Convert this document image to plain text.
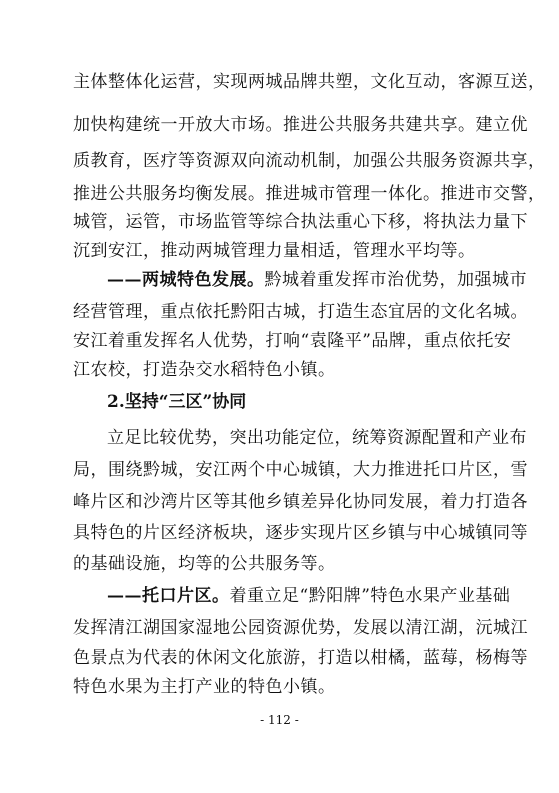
主体整体化运营，实现两城品牌共塑，文化互动，客源互送，
加快构建统一开放大市场。推进公共服务共建共享。建立优
质教育，医疗等资源双向流动机制，加强公共服务资源共享，
推进公共服务均衡发展。推进城市管理一体化。推进市交警，
城管，运管，市场监管等综合执法重心下移，将执法力量下
沉到安江，推动两城管理力量相适，管理水平均等。
——两城特色发展。 黔城着重发挥市治优势，加强城市
经营管理，重点依托黔阳古城，打造生态宜居的文化名城。
安江着重发挥名人优势，打响“袁隆平”品牌，重点依托安
江农校，打造杂交水稻特色小镇。
2.坚持“三区”协同
立足比较优势，突出功能定位，统筹资源配置和产业布
局，围绕黔城，安江两个中心城镇，大力推进托口片区，雪
峰片区和沙湾片区等其他乡镇差异化协同发展，着力打造各
具特色的片区经济板块，逐步实现片区乡镇与中心城镇同等
的基础设施，均等的公共服务等。
——托口片区。 着重立足“黔阳牌”特色水果产业基础
发挥清江湖国家湿地公园资源优势，发展以清江湖，沅城江
色景点为代表的休闲文化旅游，打造以柑橘，蓝莓，杨梅等
特色水果为主打产业的特色小镇。
- 112 -
